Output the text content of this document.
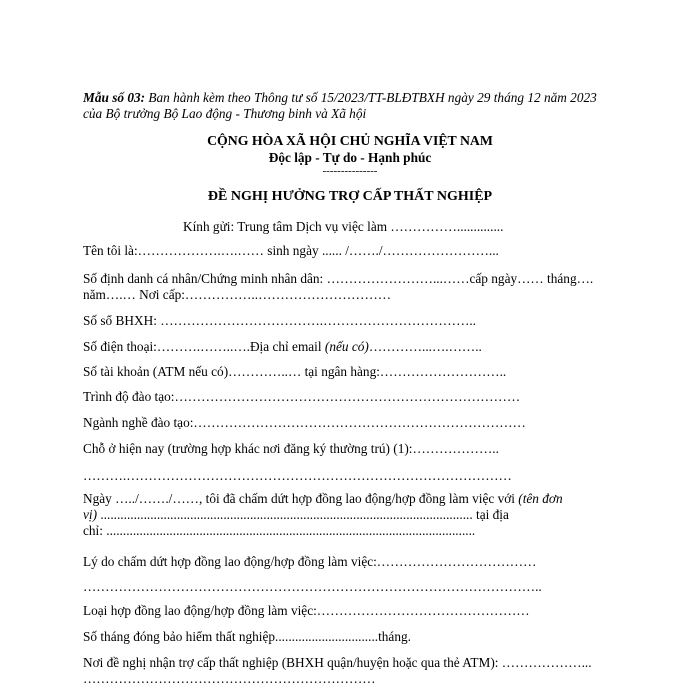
Mẫu số 03: Ban hành kèm theo Thông tư số 15/2023/TT-BLĐTBXH ngày 29 tháng 12 năm 2023
của Bộ trưởng Bộ Lao động - Thương binh và Xã hội
CỘNG HÒA XÃ HỘI CHỦ NGHĨA VIỆT NAM
Độc lập - Tự do - Hạnh phúc
---------------
ĐỀ NGHỊ HƯỞNG TRỢ CẤP THẤT NGHIỆP
Kính gửi: Trung tâm Dịch vụ việc làm ……………..............
Tên tôi là:……………….….…… sinh ngày ...... /……./……………………...
Số định danh cá nhân/Chứng minh nhân dân: ……………………...……cấp ngày…… tháng….
năm….… Nơi cấp:……………..…………………………
Số sổ BHXH: ……………………………….……………………………..
Số điện thoại:……….……..….Địa chỉ email (nếu có)…………...….……..
Số tài khoản (ATM nếu có)…………..… tại ngân hàng:………………………..
Trình độ đào tạo:……………………………………………………………………
Ngành nghề đào tạo:…………………………………………………………………
Chỗ ở hiện nay (trường hợp khác nơi đăng ký thường trú) (1):………………..
……….……………………………………………………………………………
Ngày …../……./……, tôi đã chấm dứt hợp đồng lao động/hợp đồng làm việc với (tên đơn
vị) ................................................................................................................ tại địa
chỉ: ...............................................................................................................
Lý do chấm dứt hợp đồng lao động/hợp đồng làm việc:………………………………
…………………………………………………………………………………………..
Loại hợp đồng lao động/hợp đồng làm việc:…………………………………………
Số tháng đóng bảo hiểm thất nghiệp...............................tháng.
Nơi đề nghị nhận trợ cấp thất nghiệp (BHXH quận/huyện hoặc qua thẻ ATM): ………………...
…………………………………………………………
